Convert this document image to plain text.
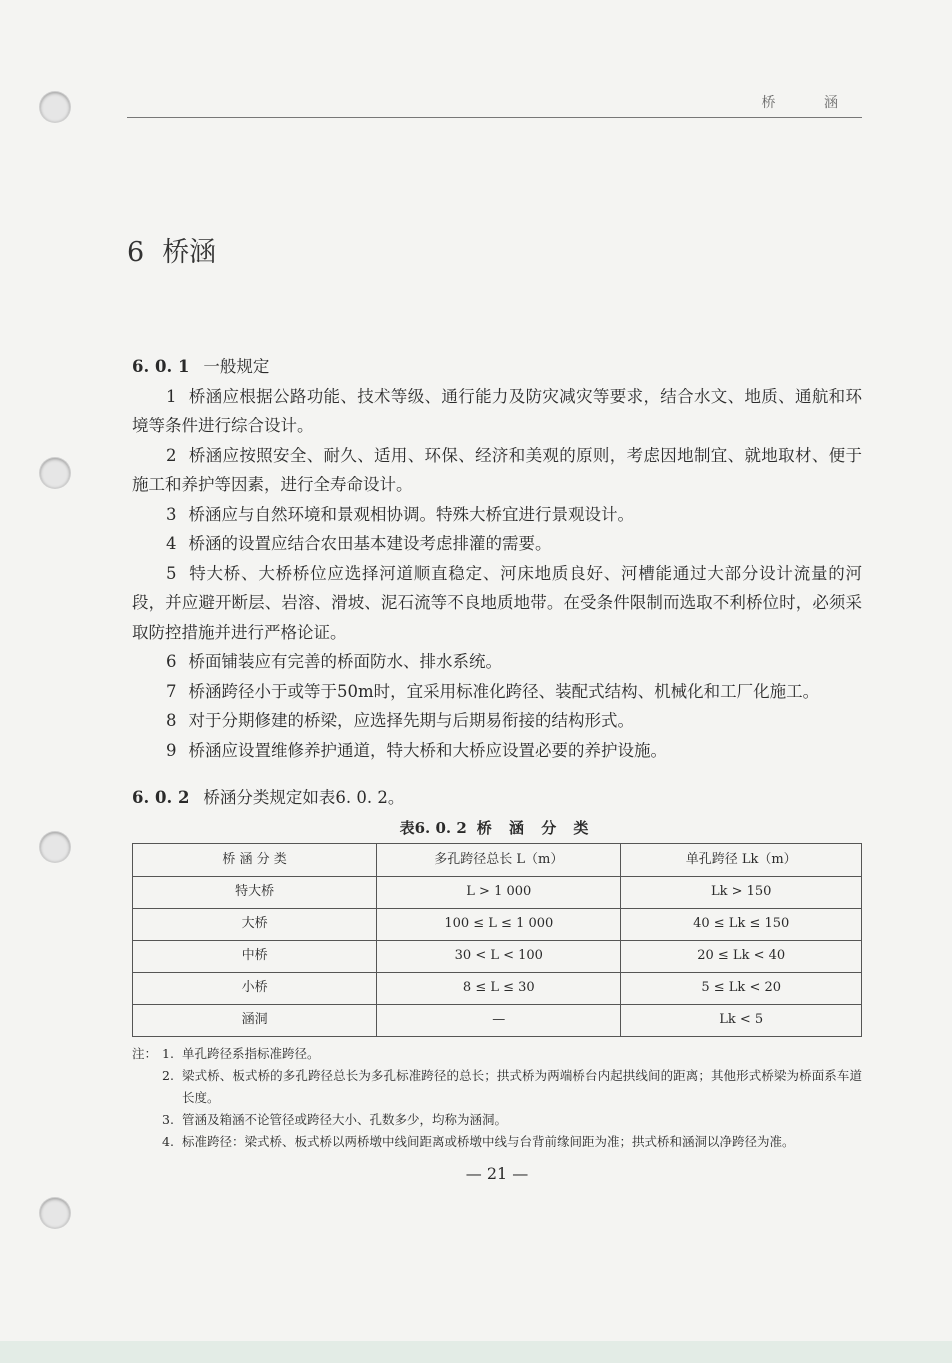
桥 涵
6 桥涵

6. 0. 1 一般规定

1 桥涵应根据公路功能、技术等级、通行能力及防灾减灾等要求，结合水文、地质、通航和环境等条件进行综合设计。

2 桥涵应按照安全、耐久、适用、环保、经济和美观的原则，考虑因地制宜、就地取材、便于施工和养护等因素，进行全寿命设计。

3 桥涵应与自然环境和景观相协调。特殊大桥宜进行景观设计。

4 桥涵的设置应结合农田基本建设考虑排灌的需要。

5 特大桥、大桥桥位应选择河道顺直稳定、河床地质良好、河槽能通过大部分设计流量的河段，并应避开断层、岩溶、滑坡、泥石流等不良地质地带。在受条件限制而选取不利桥位时，必须采取防控措施并进行严格论证。

6 桥面铺装应有完善的桥面防水、排水系统。

7 桥涵跨径小于或等于50m时，宜采用标准化跨径、装配式结构、机械化和工厂化施工。

8 对于分期修建的桥梁，应选择先期与后期易衔接的结构形式。

9 桥涵应设置维修养护通道，特大桥和大桥应设置必要的养护设施。

6. 0. 2 桥涵分类规定如表6. 0. 2。

表6. 0. 2 桥 涵 分 类
桥 涵 分 类	多孔跨径总长 L（m）	单孔跨径 Lk（m）
特大桥	L > 1 000	Lk > 150
大桥	100 ≤ L ≤ 1 000	40 ≤ Lk ≤ 150
中桥	30 < L < 100	20 ≤ Lk < 40
小桥	8 ≤ L ≤ 30	5 ≤ Lk < 20
涵洞	—	Lk < 5
注： 1. 单孔跨径系指标准跨径。
2. 梁式桥、板式桥的多孔跨径总长为多孔标准跨径的总长；拱式桥为两端桥台内起拱线间的距离；其他形式桥梁为桥面系车道长度。
3. 管涵及箱涵不论管径或跨径大小、孔数多少，均称为涵洞。
4. 标准跨径：梁式桥、板式桥以两桥墩中线间距离或桥墩中线与台背前缘间距为准；拱式桥和涵洞以净跨径为准。
— 21 —
